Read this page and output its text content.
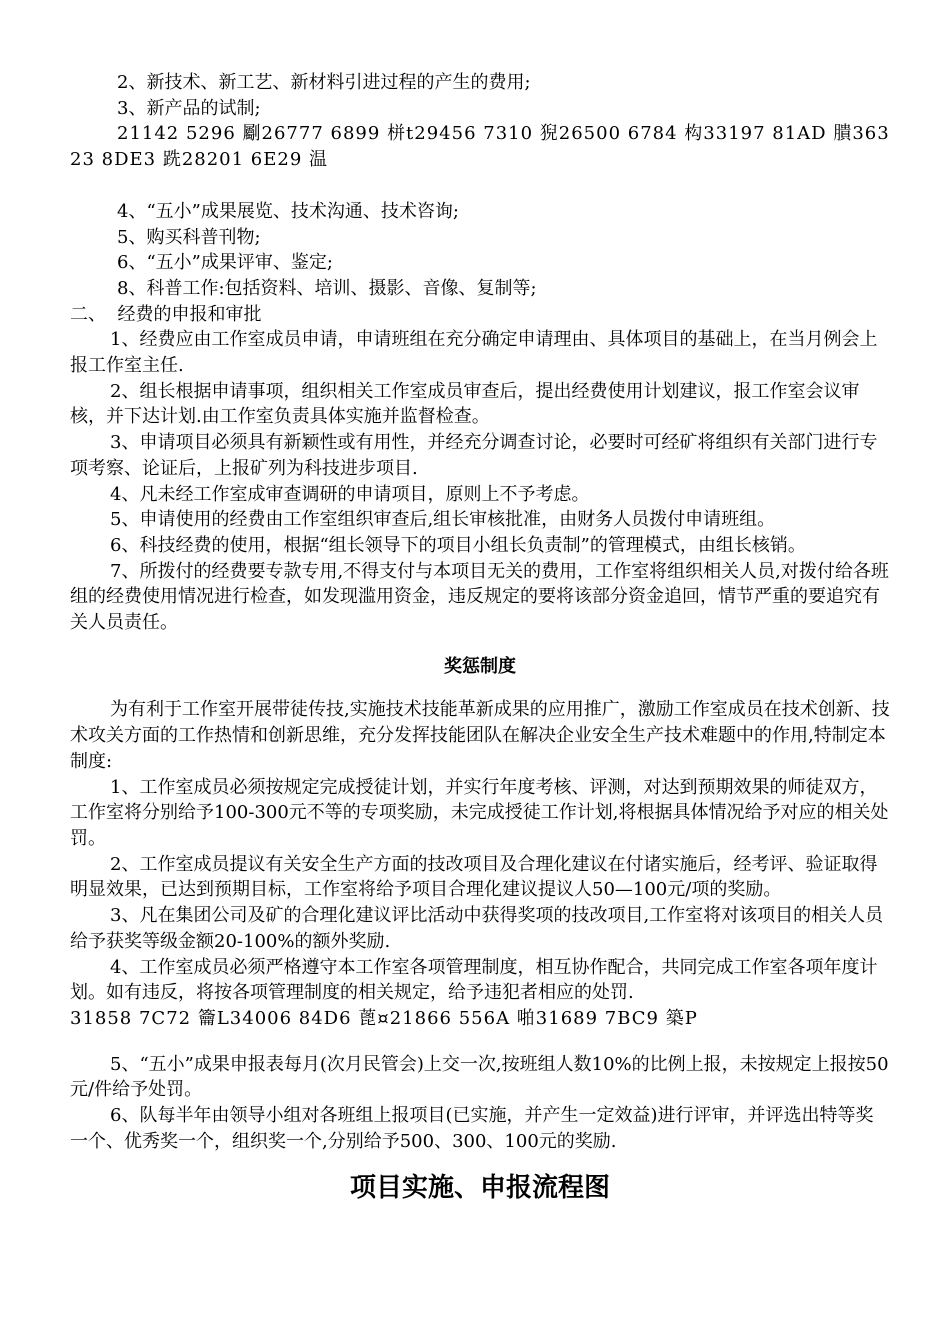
2、新技术、新工艺、新材料引进过程的产生的费用;

3、新产品的试制;

21142 5296 劚26777 6899 栟t29456 7310 猊26500 6784 构33197 81AD 膭36323 8DE3 跣28201 6E29 温

4、“五小”成果展览、技术沟通、技术咨询;

5、购买科普刊物;

6、“五小”成果评审、鉴定;

8、科普工作:包括资料、培训、摄影、音像、复制等;

二、  经费的申报和审批

1、经费应由工作室成员申请，申请班组在充分确定申请理由、具体项目的基础上，在当月例会上报工作室主任.

2、组长根据申请事项，组织相关工作室成员审查后，提出经费使用计划建议，报工作室会议审核，并下达计划.由工作室负责具体实施并监督检查。

3、申请项目必须具有新颖性或有用性，并经充分调查讨论，必要时可经矿将组织有关部门进行专项考察、论证后，上报矿列为科技进步项目.

4、凡未经工作室成审查调研的申请项目，原则上不予考虑。

5、申请使用的经费由工作室组织审查后,组长审核批准，由财务人员拨付申请班组。

6、科技经费的使用，根据“组长领导下的项目小组长负责制”的管理模式，由组长核销。

7、所拨付的经费要专款专用,不得支付与本项目无关的费用，工作室将组织相关人员,对拨付给各班组的经费使用情况进行检查，如发现滥用资金，违反规定的要将该部分资金追回，情节严重的要追究有关人员责任。

奖惩制度

为有利于工作室开展带徒传技,实施技术技能革新成果的应用推广，激励工作室成员在技术创新、技术攻关方面的工作热情和创新思维，充分发挥技能团队在解决企业安全生产技术难题中的作用,特制定本制度:

1、工作室成员必须按规定完成授徒计划，并实行年度考核、评测，对达到预期效果的师徒双方，工作室将分别给予100-300元不等的专项奖励，未完成授徒工作计划,将根据具体情况给予对应的相关处罚。

2、工作室成员提议有关安全生产方面的技改项目及合理化建议在付诸实施后，经考评、验证取得明显效果，已达到预期目标，工作室将给予项目合理化建议提议人50—100元/项的奖励。

3、凡在集团公司及矿的合理化建议评比活动中获得奖项的技改项目,工作室将对该项目的相关人员给予获奖等级金额20-100%的额外奖励.

4、工作室成员必须严格遵守本工作室各项管理制度，相互协作配合，共同完成工作室各项年度计划。如有违反，将按各项管理制度的相关规定，给予违犯者相应的处罚.

31858 7C72 籥L34006 84D6 蓖¤21866 556A 啪31689 7BC9 築P

5、“五小”成果申报表每月(次月民管会)上交一次,按班组人数10%的比例上报，未按规定上报按50元/件给予处罚。

6、队每半年由领导小组对各班组上报项目(已实施，并产生一定效益)进行评审，并评选出特等奖一个、优秀奖一个，组织奖一个,分别给予500、300、100元的奖励.

项目实施、申报流程图
